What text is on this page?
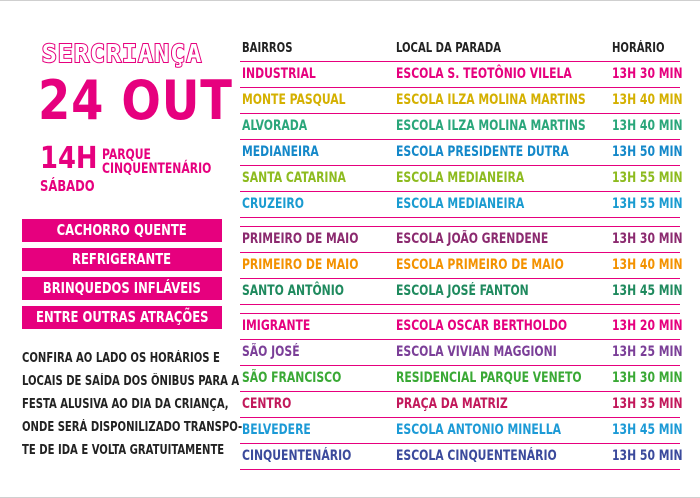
SERCRIANÇA
24 OUT
14H PARQUE
CINQUENTENÁRIO
SÁBADO
CACHORRO QUENTE
REFRIGERANTE
BRINQUEDOS INFLÁVEIS
ENTRE OUTRAS ATRAÇÕES
CONFIRA AO LADO OS HORÁRIOS E
LOCAIS DE SAÍDA DOS ÔNIBUS PARA A
FESTA ALUSIVA AO DIA DA CRIANÇA,
ONDE SERÁ DISPONILIZADO TRANSPO-
TE DE IDA E VOLTA GRATUITAMENTE
BAIRROS	LOCAL DA PARADA	HORÁRIO
INDUSTRIAL	ESCOLA S. TEOTÔNIO VILELA	13H 30 MIN
MONTE PASQUAL	ESCOLA ILZA MOLINA MARTINS 13H 40 MIN
ALVORADA	ESCOLA ILZA MOLINA MARTINS 13H 40 MIN
MEDIANEIRA	ESCOLA PRESIDENTE DUTRA	13H 50 MIN
SANTA CATARINA	ESCOLA MEDIANEIRA	13H 55 MIN
CRUZEIRO	ESCOLA MEDIANEIRA	13H 55 MIN
PRIMEIRO DE MAIO	ESCOLA JOÃO GRENDENE	13H 30 MIN
PRIMEIRO DE MAIO	ESCOLA PRIMEIRO DE MAIO	13H 40 MIN
SANTO ANTÔNIO	ESCOLA JOSÉ FANTON	13H 45 MIN
IMIGRANTE	ESCOLA OSCAR BERTHOLDO	13H 20 MIN
SÃO JOSÉ	ESCOLA VIVIAN MAGGIONI	13H 25 MIN
SÃO FRANCISCO	RESIDENCIAL PARQUE VENETO 13H 30 MIN
CENTRO	PRAÇA DA MATRIZ	13H 35 MIN
BELVEDERE	ESCOLA ANTONIO MINELLA	13H 45 MIN
CINQUENTENÁRIO	ESCOLA CINQUENTENÁRIO	13H 50 MIN
